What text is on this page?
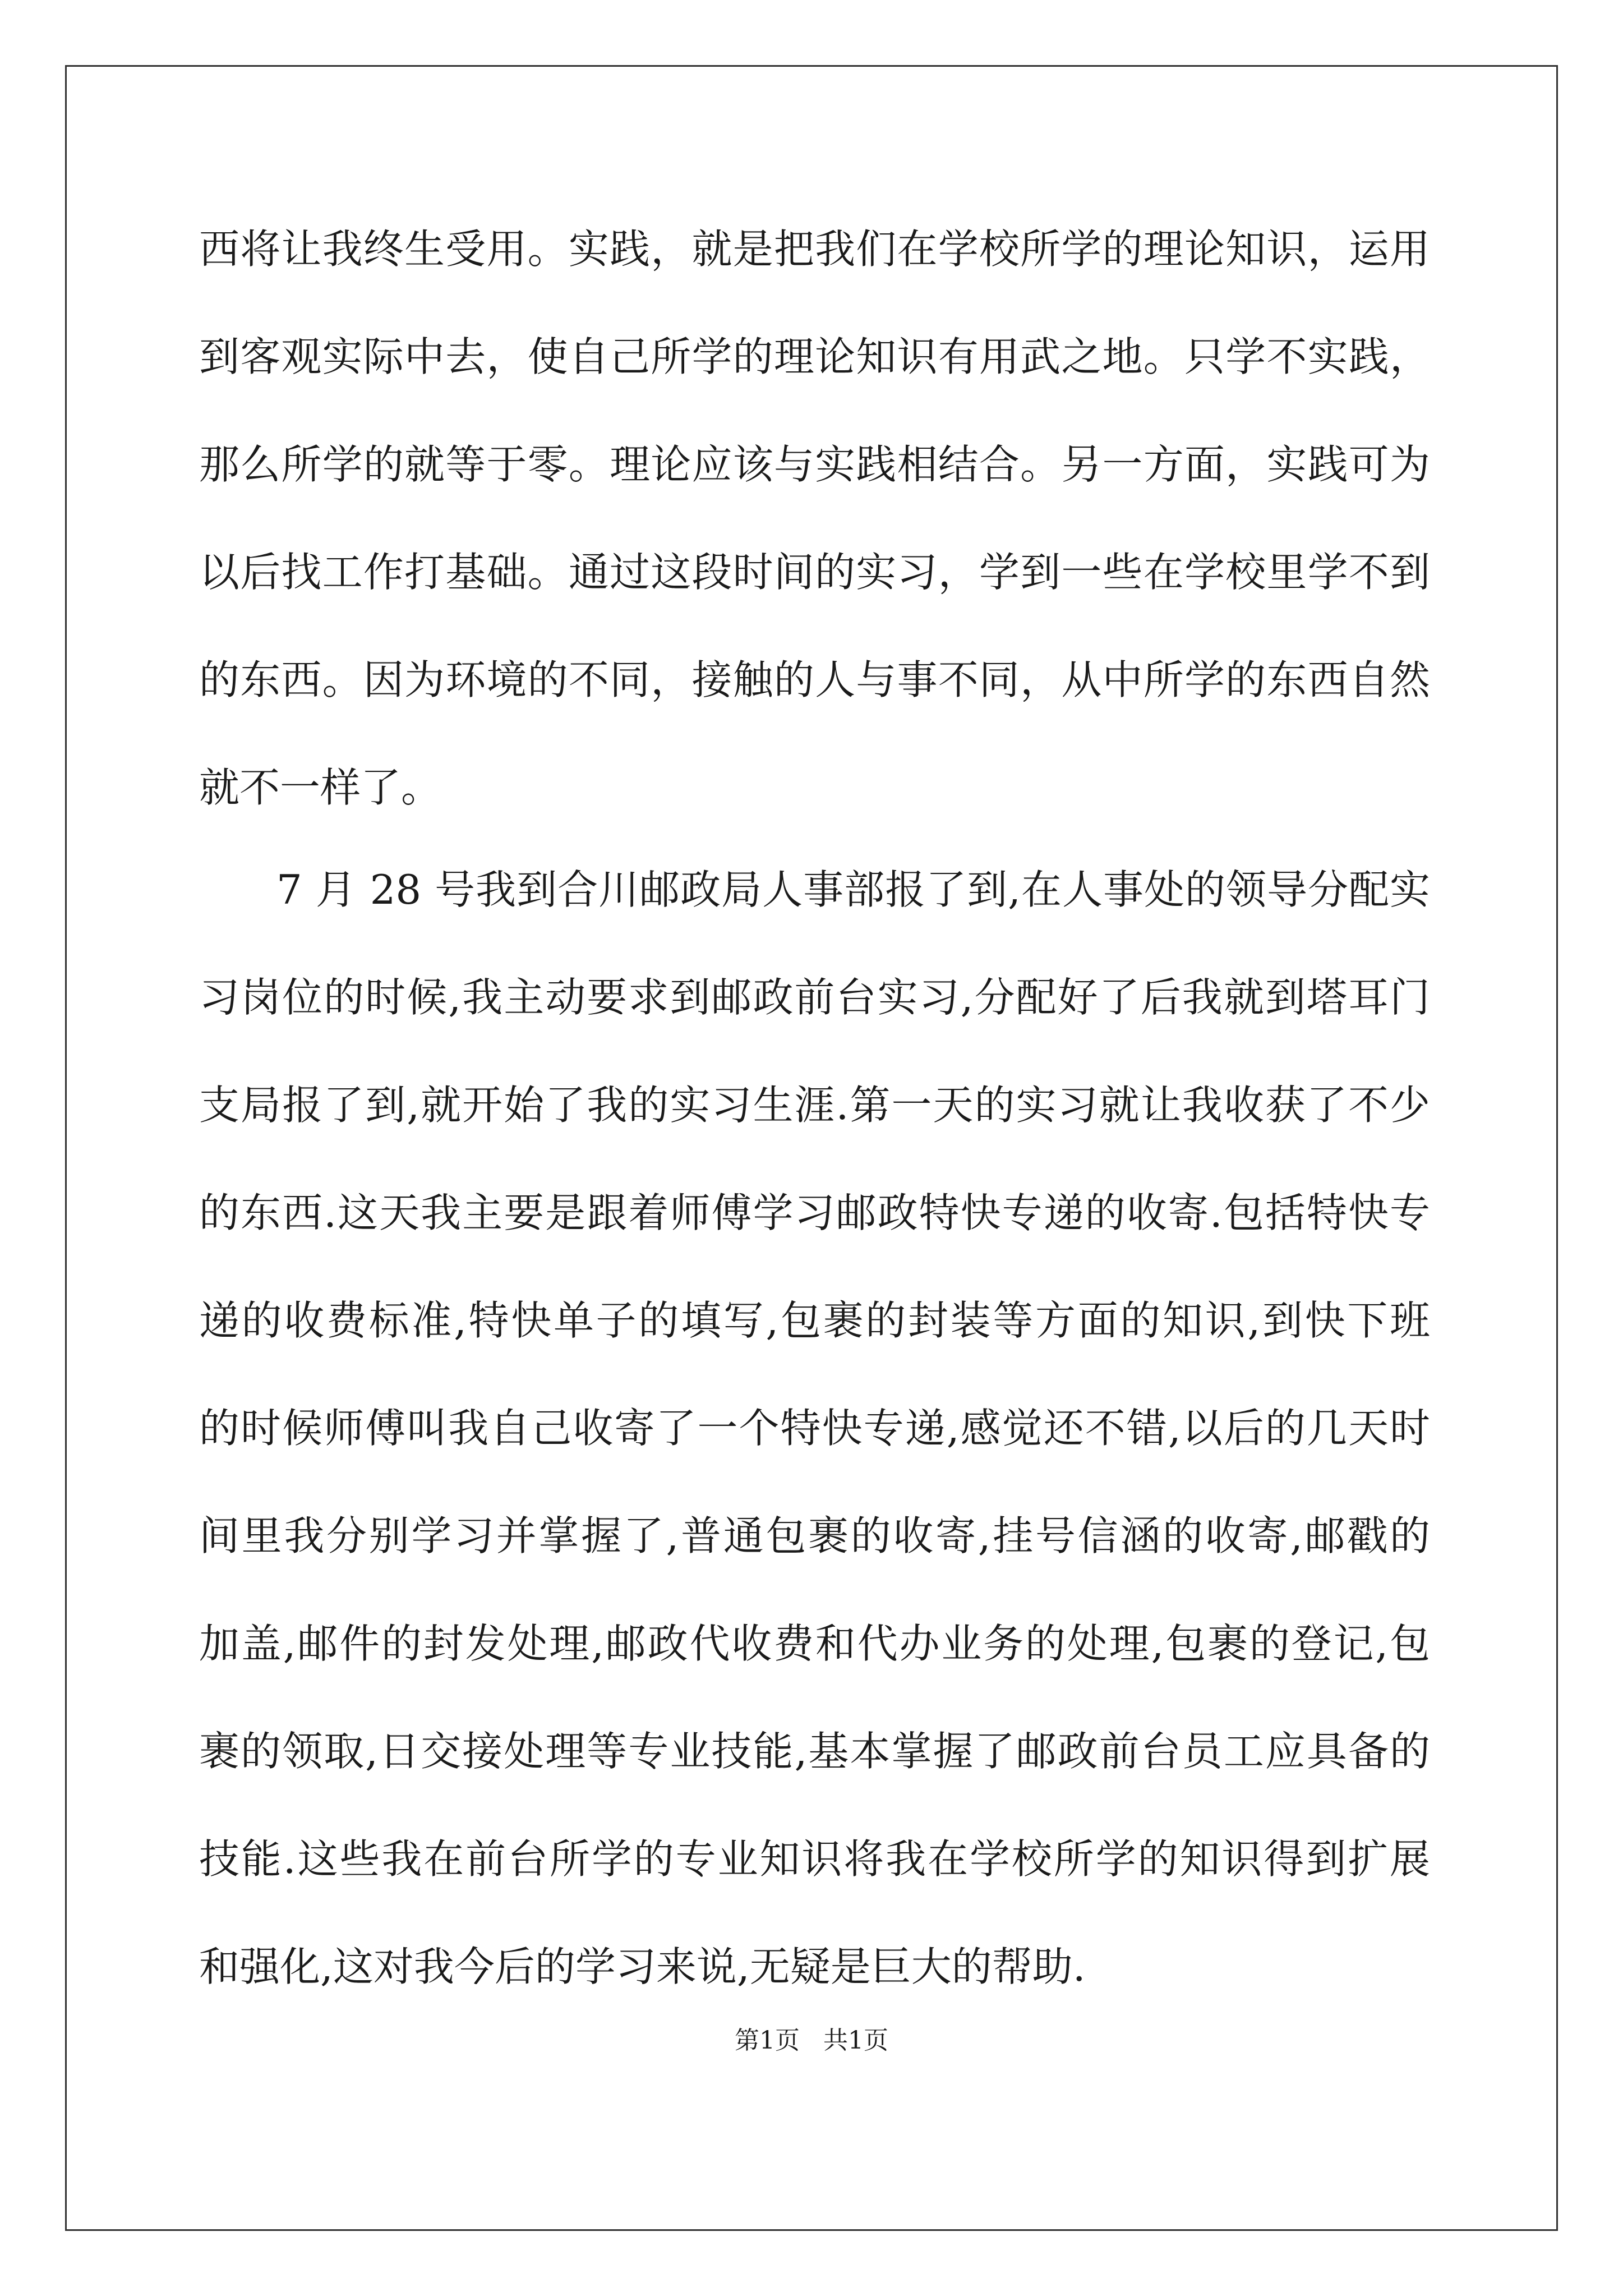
西将让我终生受用。实践，就是把我们在学校所学的理论知识，运用
到客观实际中去，使自己所学的理论知识有用武之地。只学不实践，
那么所学的就等于零。理论应该与实践相结合。另一方面，实践可为
以后找工作打基础。通过这段时间的实习，学到一些在学校里学不到
的东西。因为环境的不同，接触的人与事不同，从中所学的东西自然
就不一样了。
7 月 28 号我到合川邮政局人事部报了到,在人事处的领导分配实
习岗位的时候,我主动要求到邮政前台实习,分配好了后我就到塔耳门
支局报了到,就开始了我的实习生涯.第一天的实习就让我收获了不少
的东西.这天我主要是跟着师傅学习邮政特快专递的收寄.包括特快专
递的收费标准,特快单子的填写,包裹的封装等方面的知识,到快下班
的时候师傅叫我自己收寄了一个特快专递,感觉还不错,以后的几天时
间里我分别学习并掌握了,普通包裹的收寄,挂号信涵的收寄,邮戳的
加盖,邮件的封发处理,邮政代收费和代办业务的处理,包裹的登记,包
裹的领取,日交接处理等专业技能,基本掌握了邮政前台员工应具备的
技能.这些我在前台所学的专业知识将我在学校所学的知识得到扩展
和强化,这对我今后的学习来说,无疑是巨大的帮助.
第1页 共1页
